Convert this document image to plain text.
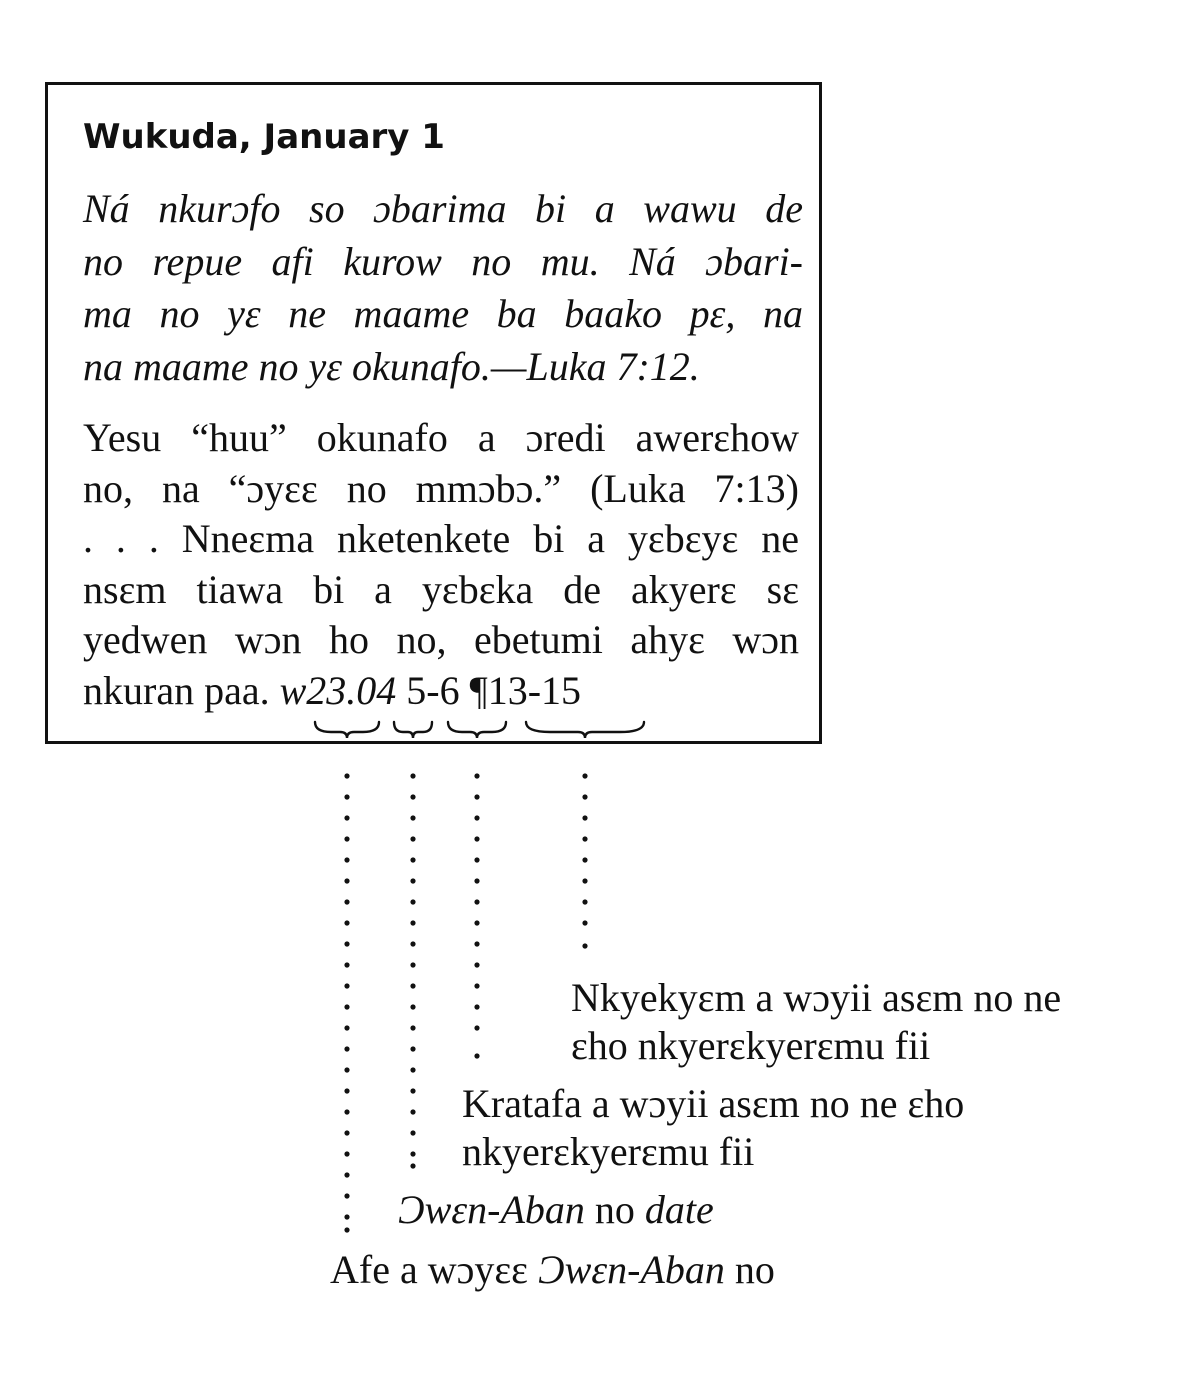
Wukuda, January 1
Ná nkurɔfo so ɔbarima bi a wawu de
no repue afi kurow no mu. Ná ɔbari-
ma no yɛ ne maame ba baako pɛ, na
na maame no yɛ okunafo.—Luka 7:12.
Yesu “huu” okunafo a ɔredi awerɛhow
no, na “ɔyɛɛ no mmɔbɔ.” (Luka 7:13)
. . . Nneɛma nketenkete bi a yɛbɛyɛ ne
nsɛm tiawa bi a yɛbɛka de akyerɛ sɛ
yedwen wɔn ho no, ebetumi ahyɛ wɔn
nkuran paa. w23.04 5-6 ¶13-15
Nkyekyɛm a wɔyii asɛm no ne
ɛho nkyerɛkyerɛmu fii
Kratafa a wɔyii asɛm no ne ɛho
nkyerɛkyerɛmu fii
Ɔwɛn-Aban no date
Afe a wɔyɛɛ Ɔwɛn-Aban no
